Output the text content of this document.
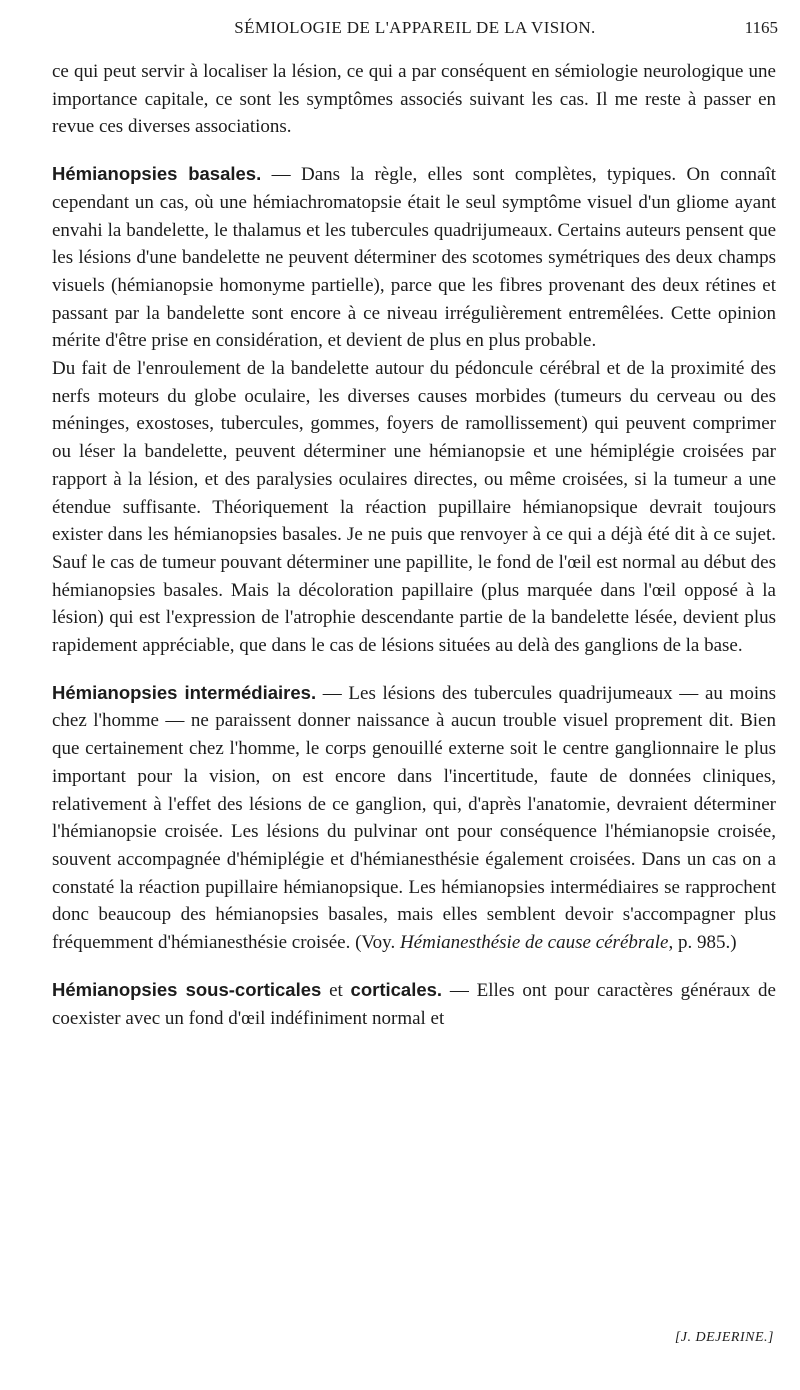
SÉMIOLOGIE DE L'APPAREIL DE LA VISION.	1165

ce qui peut servir à localiser la lésion, ce qui a par conséquent en sémiologie neurologique une importance capitale, ce sont les symptômes associés suivant les cas. Il me reste à passer en revue ces diverses associations.

Hémianopsies basales. — Dans la règle, elles sont complètes, typiques. On connaît cependant un cas, où une hémiachromatopsie était le seul symptôme visuel d'un gliome ayant envahi la bandelette, le thalamus et les tubercules quadrijumeaux. Certains auteurs pensent que les lésions d'une bandelette ne peuvent déterminer des scotomes symétriques des deux champs visuels (hémianopsie homonyme partielle), parce que les fibres provenant des deux rétines et passant par la bandelette sont encore à ce niveau irrégulièrement entremêlées. Cette opinion mérite d'être prise en considération, et devient de plus en plus probable.

Du fait de l'enroulement de la bandelette autour du pédoncule cérébral et de la proximité des nerfs moteurs du globe oculaire, les diverses causes morbides (tumeurs du cerveau ou des méninges, exostoses, tubercules, gommes, foyers de ramollissement) qui peuvent comprimer ou léser la bandelette, peuvent déterminer une hémianopsie et une hémiplégie croisées par rapport à la lésion, et des paralysies oculaires directes, ou même croisées, si la tumeur a une étendue suffisante. Théoriquement la réaction pupillaire hémianopsique devrait toujours exister dans les hémianopsies basales. Je ne puis que renvoyer à ce qui a déjà été dit à ce sujet. Sauf le cas de tumeur pouvant déterminer une papillite, le fond de l'œil est normal au début des hémianopsies basales. Mais la décoloration papillaire (plus marquée dans l'œil opposé à la lésion) qui est l'expression de l'atrophie descendante partie de la bandelette lésée, devient plus rapidement appréciable, que dans le cas de lésions situées au delà des ganglions de la base.

Hémianopsies intermédiaires. — Les lésions des tubercules quadrijumeaux — au moins chez l'homme — ne paraissent donner naissance à aucun trouble visuel proprement dit. Bien que certainement chez l'homme, le corps genouillé externe soit le centre ganglionnaire le plus important pour la vision, on est encore dans l'incertitude, faute de données cliniques, relativement à l'effet des lésions de ce ganglion, qui, d'après l'anatomie, devraient déterminer l'hémianopsie croisée. Les lésions du pulvinar ont pour conséquence l'hémianopsie croisée, souvent accompagnée d'hémiplégie et d'hémianesthésie également croisées. Dans un cas on a constaté la réaction pupillaire hémianopsique. Les hémianopsies intermédiaires se rapprochent donc beaucoup des hémianopsies basales, mais elles semblent devoir s'accompagner plus fréquemment d'hémianesthésie croisée. (Voy. Hémianesthésie de cause cérébrale, p. 985.)

Hémianopsies sous-corticales et corticales. — Elles ont pour caractères généraux de coexister avec un fond d'œil indéfiniment normal et

[J. DEJERINE.]
